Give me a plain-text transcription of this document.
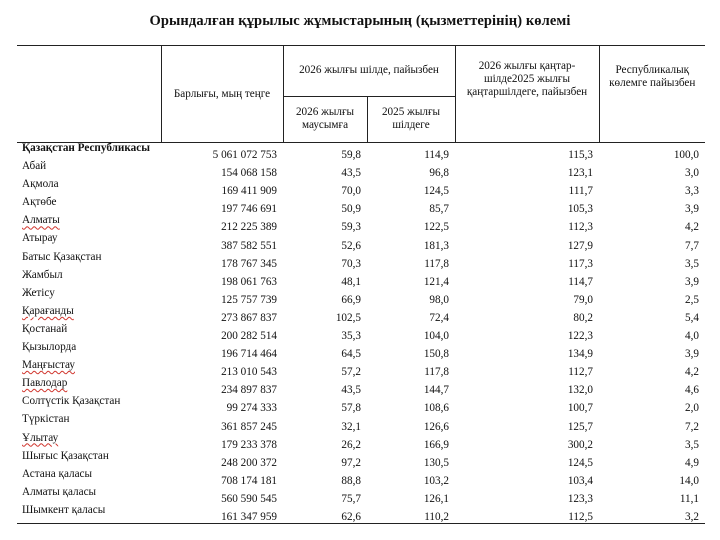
Орындалған құрылыс жұмыстарының (қызметтерінің) көлемі
	Барлығы, мың теңге	2026 жылғы шілде, пайызбен		2026 жылғы қаңтар-шілде2025 жылғы қаңтаршілдеге, пайызбен	Республикалық көлемге пайызбен
		2026 жылғы маусымға	2025 жылғы шілдеге		
Қазақстан Республикасы	5 061 072 753	59,8	114,9	115,3	100,0
Абай	154 068 158	43,5	96,8	123,1	3,0
Ақмола	169 411 909	70,0	124,5	111,7	3,3
Ақтөбе	197 746 691	50,9	85,7	105,3	3,9
Алматы	212 225 389	59,3	122,5	112,3	4,2
Атырау	387 582 551	52,6	181,3	127,9	7,7
Батыс Қазақстан	178 767 345	70,3	117,8	117,3	3,5
Жамбыл	198 061 763	48,1	121,4	114,7	3,9
Жетісу	125 757 739	66,9	98,0	79,0	2,5
Қарағанды	273 867 837	102,5	72,4	80,2	5,4
Қостанай	200 282 514	35,3	104,0	122,3	4,0
Қызылорда	196 714 464	64,5	150,8	134,9	3,9
Маңғыстау	213 010 543	57,2	117,8	112,7	4,2
Павлодар	234 897 837	43,5	144,7	132,0	4,6
Солтүстік Қазақстан	99 274 333	57,8	108,6	100,7	2,0
Түркістан	361 857 245	32,1	126,6	125,7	7,2
Ұлытау	179 233 378	26,2	166,9	300,2	3,5
Шығыс Қазақстан	248 200 372	97,2	130,5	124,5	4,9
Астана қаласы	708 174 181	88,8	103,2	103,4	14,0
Алматы қаласы	560 590 545	75,7	126,1	123,3	11,1
Шымкент қаласы	161 347 959	62,6	110,2	112,5	3,2
